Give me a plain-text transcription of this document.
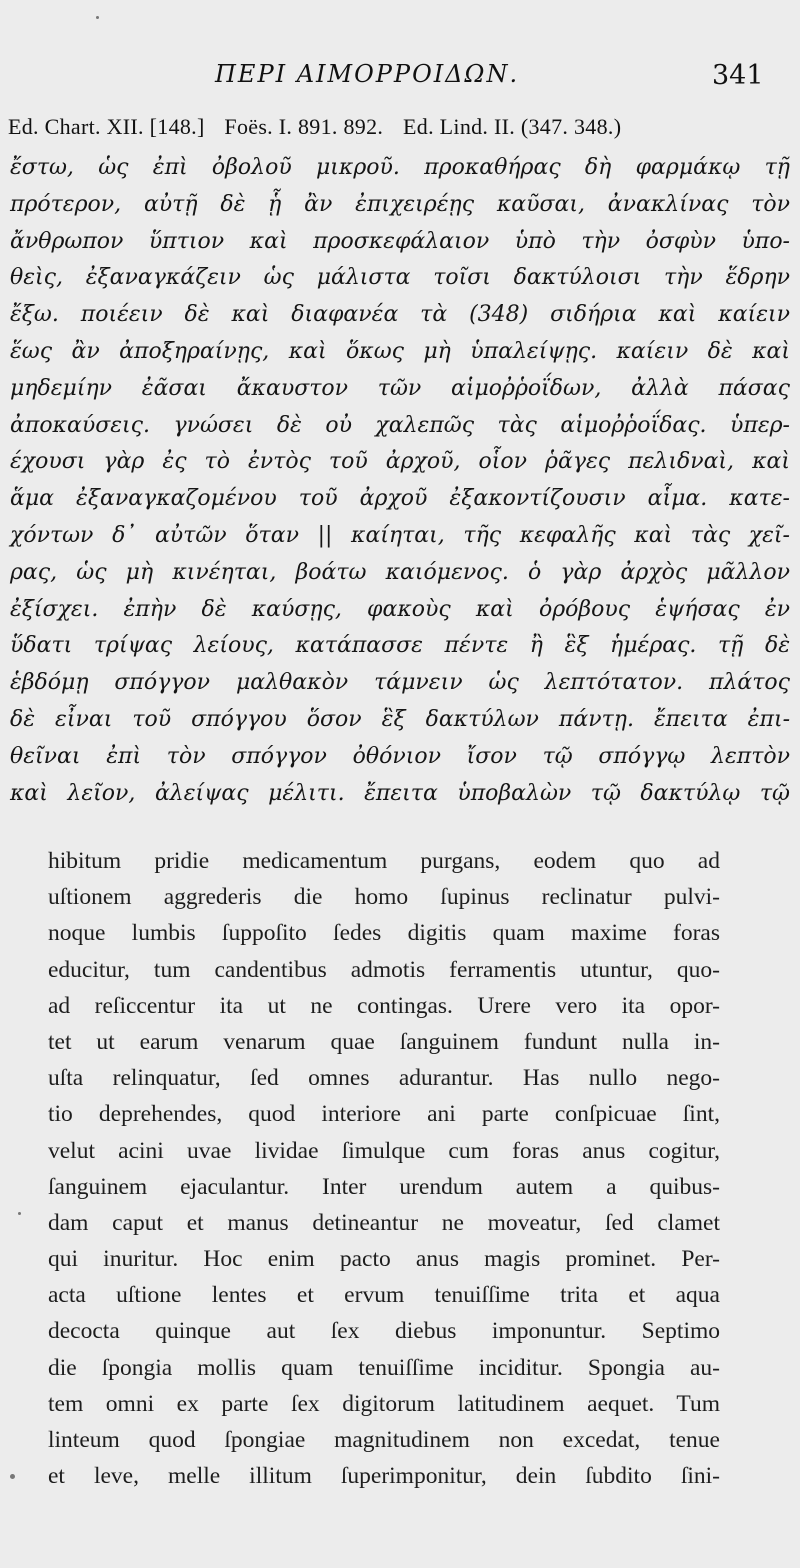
ΠΕΡΙ ΑΙΜΟΡΡΟΙΔΩΝ.	341
Ed. Chart. XII. [148.] Foës. I. 891. 892. Ed. Lind. II. (347. 348.)
ἔστω, ὡς ἐπὶ ὀβολοῦ μικροῦ. προκαθήρας δὴ φαρμάκῳ τῇ
πρότερον, αὐτῇ δὲ ᾗ ἂν ἐπιχειρέῃς καῦσαι, ἀνακλίνας τὸν
ἄνθρωπον ὕπτιον καὶ προσκεφάλαιον ὑπὸ τὴν ὀσφὺν ὑπο-
θεὶς, ἐξαναγκάζειν ὡς μάλιστα τοῖσι δακτύλοισι τὴν ἕδρην
ἔξω. ποιέειν δὲ καὶ διαφανέα τὰ (348) σιδήρια καὶ καίειν
ἕως ἂν ἀποξηραίνῃς, καὶ ὅκως μὴ ὑπαλείψῃς. καίειν δὲ καὶ
μηδεμίην ἐᾶσαι ἄκαυστον τῶν αἱμοῤῥοΐδων, ἀλλὰ πάσας
ἀποκαύσεις. γνώσει δὲ οὐ χαλεπῶς τὰς αἱμοῤῥοΐδας. ὑπερ-
έχουσι γὰρ ἐς τὸ ἐντὸς τοῦ ἀρχοῦ, οἷον ῥᾶγες πελιδναὶ, καὶ
ἅμα ἐξαναγκαζομένου τοῦ ἀρχοῦ ἐξακοντίζουσιν αἷμα. κατε-
χόντων δ᾽ αὐτῶν ὅταν || καίηται, τῆς κεφαλῆς καὶ τὰς χεῖ-
ρας, ὡς μὴ κινέηται, βοάτω καιόμενος. ὁ γὰρ ἀρχὸς μᾶλλον
ἐξίσχει. ἐπὴν δὲ καύσῃς, φακοὺς καὶ ὀρόβους ἑψήσας ἐν
ὕδατι τρίψας λείους, κατάπασσε πέντε ἢ ἓξ ἡμέρας. τῇ δὲ
ἑβδόμῃ σπόγγον μαλθακὸν τάμνειν ὡς λεπτότατον. πλάτος
δὲ εἶναι τοῦ σπόγγου ὅσον ἓξ δακτύλων πάντῃ. ἔπειτα ἐπι-
θεῖναι ἐπὶ τὸν σπόγγον ὀθόνιον ἴσον τῷ σπόγγῳ λεπτὸν
καὶ λεῖον, ἀλείψας μέλιτι. ἔπειτα ὑποβαλὼν τῷ δακτύλῳ τῷ
hibitum pridie medicamentum purgans, eodem quo ad
uſtionem aggrederis die homo ſupinus reclinatur pulvi-
noque lumbis ſuppoſito ſedes digitis quam maxime foras
educitur, tum candentibus admotis ferramentis utuntur, quo-
ad reſiccentur ita ut ne contingas. Urere vero ita opor-
tet ut earum venarum quae ſanguinem fundunt nulla in-
uſta relinquatur, ſed omnes adurantur. Has nullo nego-
tio deprehendes, quod interiore ani parte conſpicuae ſint,
velut acini uvae lividae ſimulque cum foras anus cogitur,
ſanguinem ejaculantur. Inter urendum autem a quibus-
dam caput et manus detineantur ne moveatur, ſed clamet
qui inuritur. Hoc enim pacto anus magis prominet. Per-
acta uſtione lentes et ervum tenuiſſime trita et aqua
decocta quinque aut ſex diebus imponuntur. Septimo
die ſpongia mollis quam tenuiſſime inciditur. Spongia au-
tem omni ex parte ſex digitorum latitudinem aequet. Tum
linteum quod ſpongiae magnitudinem non excedat, tenue
et leve, melle illitum ſuperimponitur, dein ſubdito ſini-
